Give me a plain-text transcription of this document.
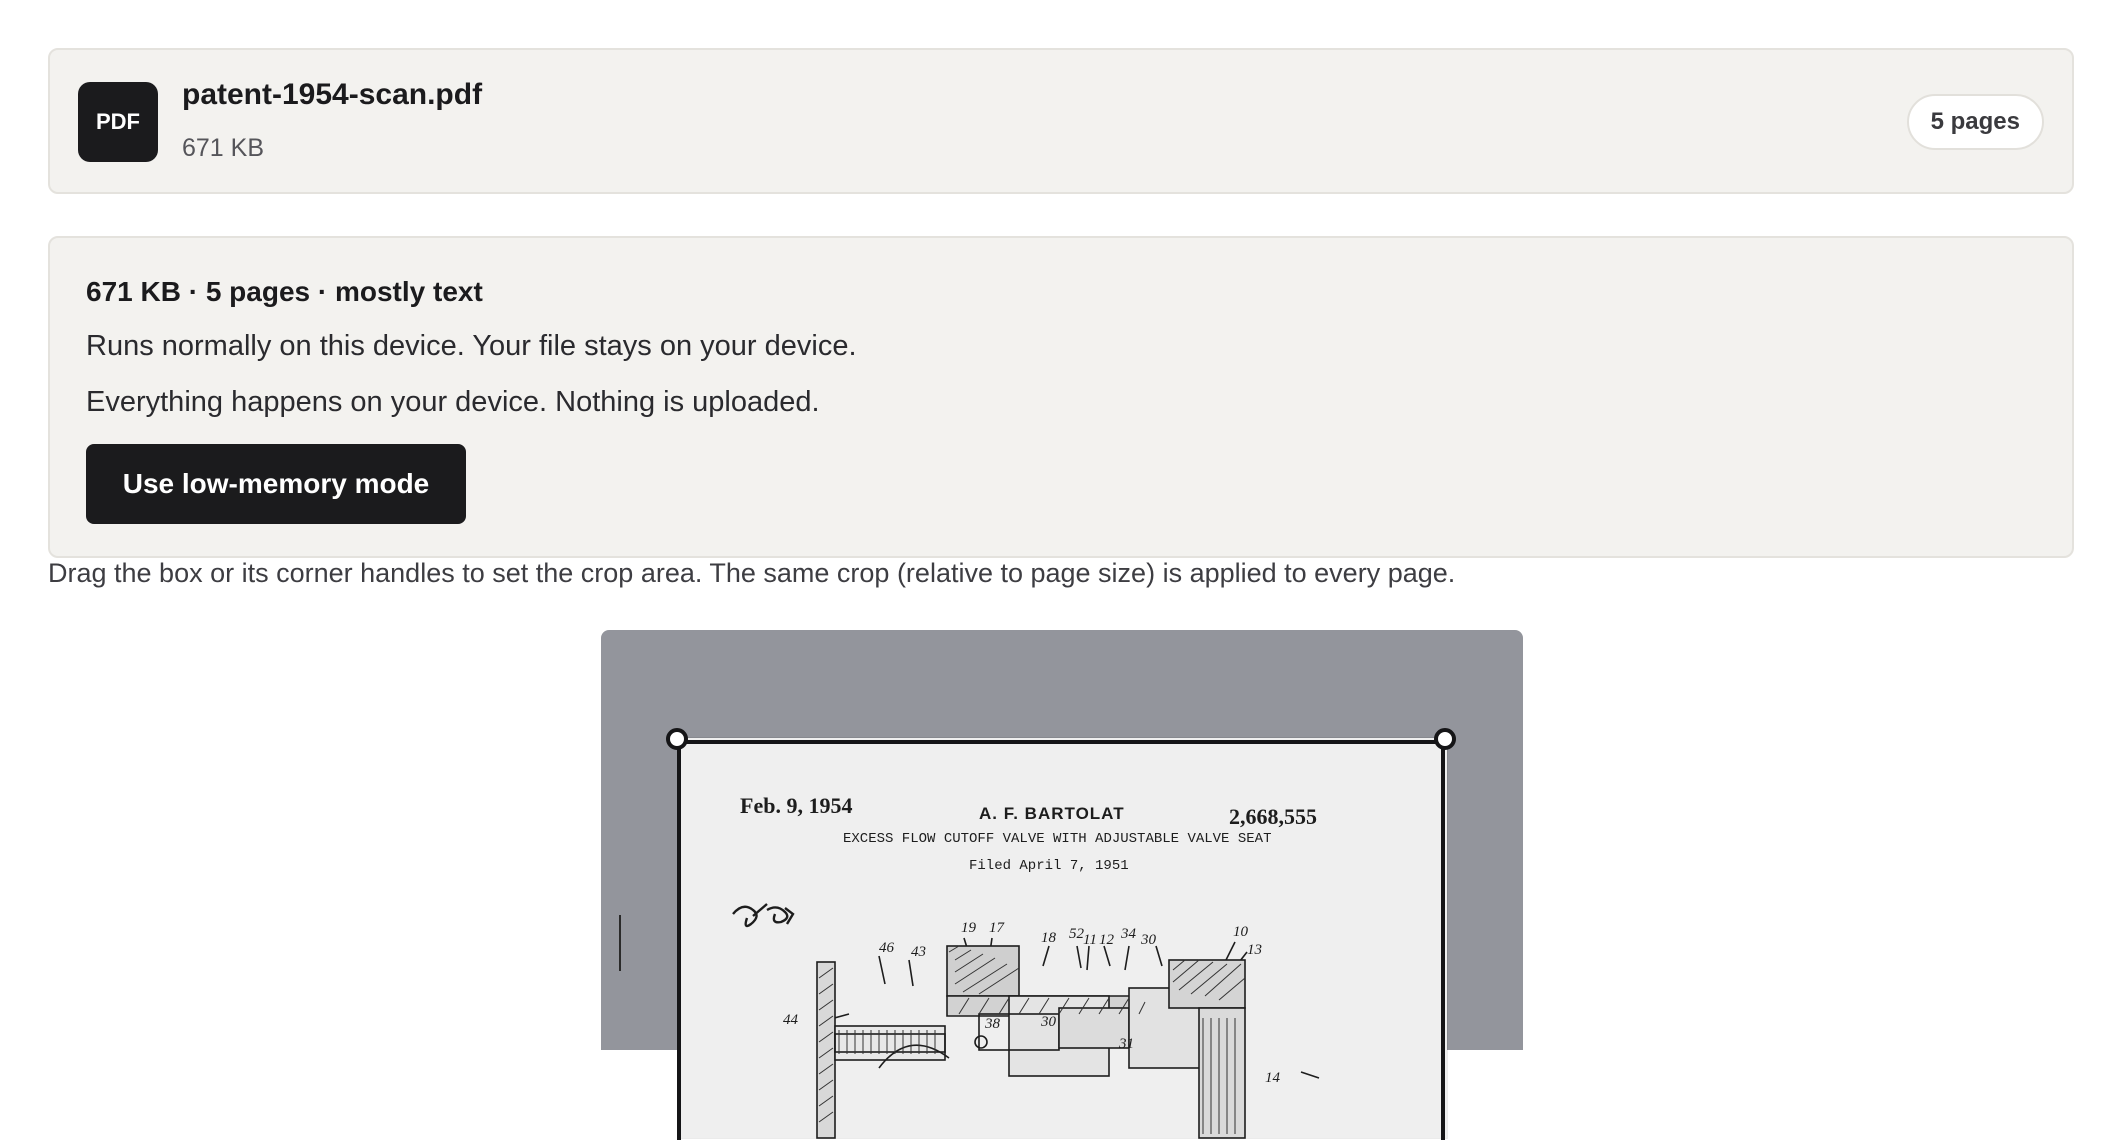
PDF
patent-1954-scan.pdf
671 KB
5 pages
671 KB · 5 pages · mostly text
Runs normally on this device. Your file stays on your device.
Everything happens on your device. Nothing is uploaded.
Use low-memory mode
Drag the box or its corner handles to set the crop area. The same crop (relative to page size) is applied to every page.
46 43
19 17
18 52 11 12 34 30	10
13
44	38	30
31
14
Feb. 9, 1954	A. F. BARTOLAT	2,668,555
EXCESS FLOW CUTOFF VALVE WITH ADJUSTABLE VALVE SEAT
Filed April 7, 1951
